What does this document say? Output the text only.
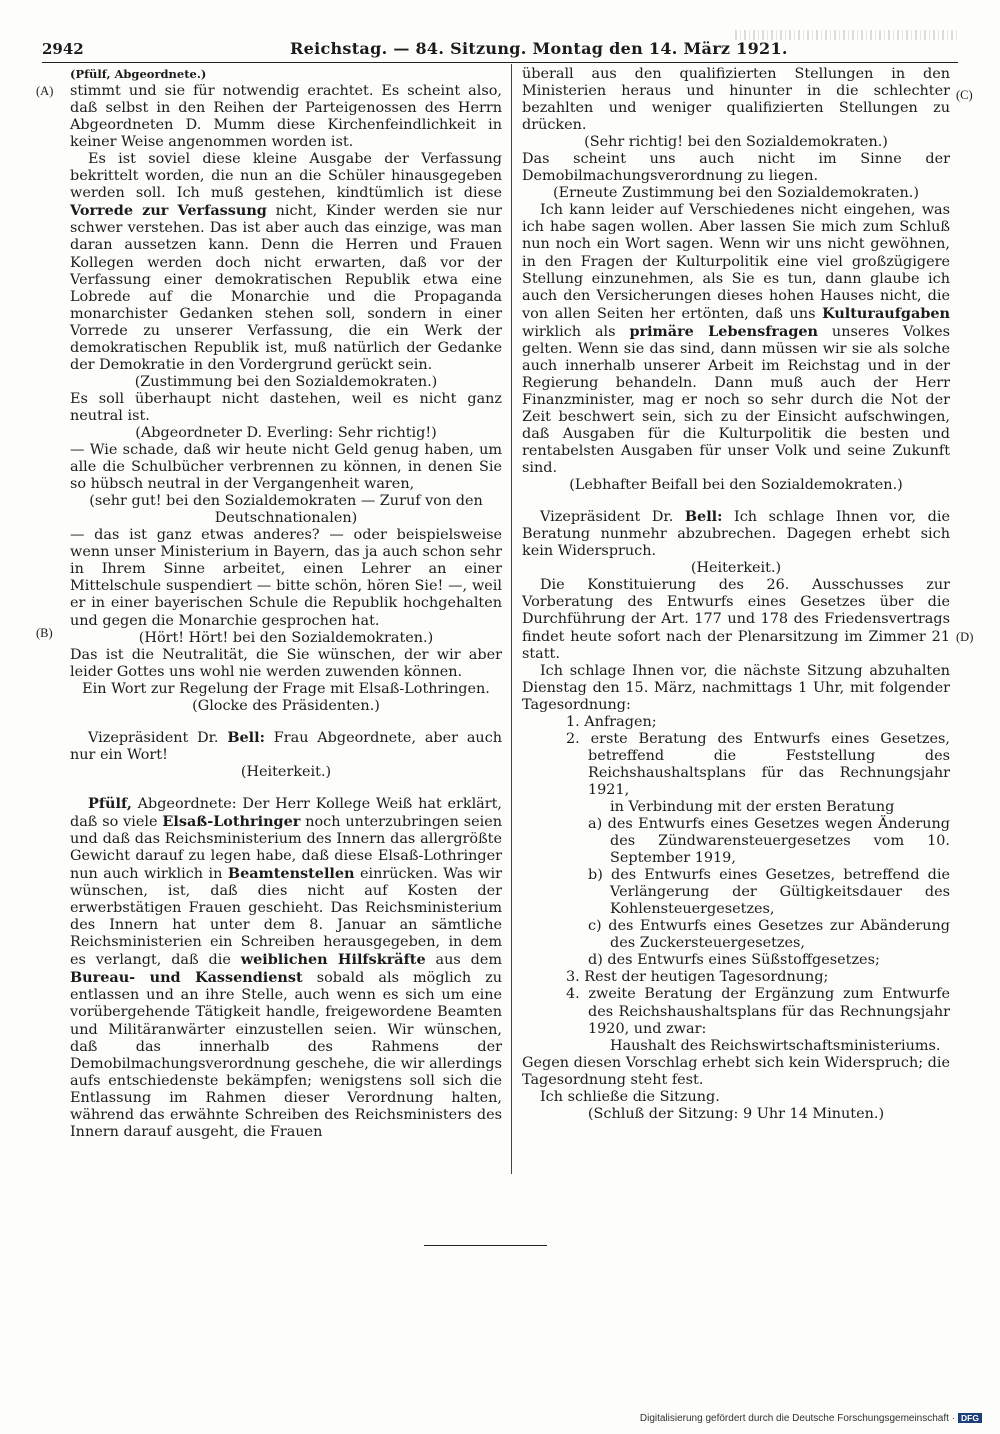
2942	Reichstag. — 84. Sitzung. Montag den 14. März 1921.
(A)
(B)
(C)
(D)

(Pfülf, Abgeordnete.)

stimmt und sie für notwendig erachtet. Es scheint also, daß selbst in den Reihen der Parteigenossen des Herrn Abgeordneten D. Mumm diese Kirchenfeindlichkeit in keiner Weise angenommen worden ist.

Es ist soviel diese kleine Ausgabe der Verfassung bekrittelt worden, die nun an die Schüler hinausgegeben werden soll. Ich muß gestehen, kindtümlich ist diese Vorrede zur Verfassung nicht, Kinder werden sie nur schwer verstehen. Das ist aber auch das einzige, was man daran aussetzen kann. Denn die Herren und Frauen Kollegen werden doch nicht erwarten, daß vor der Verfassung einer demokratischen Republik etwa eine Lobrede auf die Monarchie und die Propaganda monarchister Gedanken stehen soll, sondern in einer Vorrede zu unserer Verfassung, die ein Werk der demokratischen Republik ist, muß natürlich der Gedanke der Demokratie in den Vordergrund gerückt sein.

(Zustimmung bei den Sozialdemokraten.)

Es soll überhaupt nicht dastehen, weil es nicht ganz neutral ist.

(Abgeordneter D. Everling: Sehr richtig!)

— Wie schade, daß wir heute nicht Geld genug haben, um alle die Schulbücher verbrennen zu können, in denen Sie so hübsch neutral in der Vergangenheit waren,

(sehr gut! bei den Sozialdemokraten — Zuruf von den Deutschnationalen)

— das ist ganz etwas anderes? — oder beispielsweise wenn unser Ministerium in Bayern, das ja auch schon sehr in Ihrem Sinne arbeitet, einen Lehrer an einer Mittelschule suspendiert — bitte schön, hören Sie! —, weil er in einer bayerischen Schule die Republik hochgehalten und gegen die Monarchie gesprochen hat.

(Hört! Hört! bei den Sozialdemokraten.)

Das ist die Neutralität, die Sie wünschen, der wir aber leider Gottes uns wohl nie werden zuwenden können.

Ein Wort zur Regelung der Frage mit Elsaß-Lothringen.

(Glocke des Präsidenten.)

Vizepräsident Dr. Bell: Frau Abgeordnete, aber auch nur ein Wort!

(Heiterkeit.)

Pfülf, Abgeordnete: Der Herr Kollege Weiß hat erklärt, daß so viele Elsaß-Lothringer noch unterzubringen seien und daß das Reichsministerium des Innern das allergrößte Gewicht darauf zu legen habe, daß diese Elsaß-Lothringer nun auch wirklich in Beamtenstellen einrücken. Was wir wünschen, ist, daß dies nicht auf Kosten der erwerbstätigen Frauen geschieht. Das Reichsministerium des Innern hat unter dem 8. Januar an sämtliche Reichsministerien ein Schreiben herausgegeben, in dem es verlangt, daß die weiblichen Hilfskräfte aus dem Bureau- und Kassendienst sobald als möglich zu entlassen und an ihre Stelle, auch wenn es sich um eine vorübergehende Tätigkeit handle, freigewordene Beamten und Militäranwärter einzustellen seien. Wir wünschen, daß das innerhalb des Rahmens der Demobilmachungsverordnung geschehe, die wir allerdings aufs entschiedenste bekämpfen; wenigstens soll sich die Entlassung im Rahmen dieser Verordnung halten, während das erwähnte Schreiben des Reichsministers des Innern darauf ausgeht, die Frauen

überall aus den qualifizierten Stellungen in den Ministerien heraus und hinunter in die schlechter bezahlten und weniger qualifizierten Stellungen zu drücken.

(Sehr richtig! bei den Sozialdemokraten.)

Das scheint uns auch nicht im Sinne der Demobilmachungsverordnung zu liegen.

(Erneute Zustimmung bei den Sozialdemokraten.)

Ich kann leider auf Verschiedenes nicht eingehen, was ich habe sagen wollen. Aber lassen Sie mich zum Schluß nun noch ein Wort sagen. Wenn wir uns nicht gewöhnen, in den Fragen der Kulturpolitik eine viel großzügigere Stellung einzunehmen, als Sie es tun, dann glaube ich auch den Versicherungen dieses hohen Hauses nicht, die von allen Seiten her ertönten, daß uns Kulturaufgaben wirklich als primäre Lebensfragen unseres Volkes gelten. Wenn sie das sind, dann müssen wir sie als solche auch innerhalb unserer Arbeit im Reichstag und in der Regierung behandeln. Dann muß auch der Herr Finanzminister, mag er noch so sehr durch die Not der Zeit beschwert sein, sich zu der Einsicht aufschwingen, daß Ausgaben für die Kulturpolitik die besten und rentabelsten Ausgaben für unser Volk und seine Zukunft sind.

(Lebhafter Beifall bei den Sozialdemokraten.)

Vizepräsident Dr. Bell: Ich schlage Ihnen vor, die Beratung nunmehr abzubrechen. Dagegen erhebt sich kein Widerspruch.

(Heiterkeit.)

Die Konstituierung des 26. Ausschusses zur Vorberatung des Entwurfs eines Gesetzes über die Durchführung der Art. 177 und 178 des Friedensvertrags findet heute sofort nach der Plenarsitzung im Zimmer 21 statt.

Ich schlage Ihnen vor, die nächste Sitzung abzuhalten Dienstag den 15. März, nachmittags 1 Uhr, mit folgender Tagesordnung:

1. Anfragen;

2. erste Beratung des Entwurfs eines Gesetzes, betreffend die Feststellung des Reichshaushaltsplans für das Rechnungsjahr 1921,

in Verbindung mit der ersten Beratung

a) des Entwurfs eines Gesetzes wegen Änderung des Zündwarensteuergesetzes vom 10. September 1919,

b) des Entwurfs eines Gesetzes, betreffend die Verlängerung der Gültigkeitsdauer des Kohlensteuergesetzes,

c) des Entwurfs eines Gesetzes zur Abänderung des Zuckersteuergesetzes,

d) des Entwurfs eines Süßstoffgesetzes;

3. Rest der heutigen Tagesordnung;

4. zweite Beratung der Ergänzung zum Entwurfe des Reichshaushaltsplans für das Rechnungsjahr 1920, und zwar:

Haushalt des Reichswirtschaftsministeriums.

Gegen diesen Vorschlag erhebt sich kein Widerspruch; die Tagesordnung steht fest.

Ich schließe die Sitzung.

(Schluß der Sitzung: 9 Uhr 14 Minuten.)

Digitalisierung gefördert durch die Deutsche Forschungsgemeinschaft · DFG
